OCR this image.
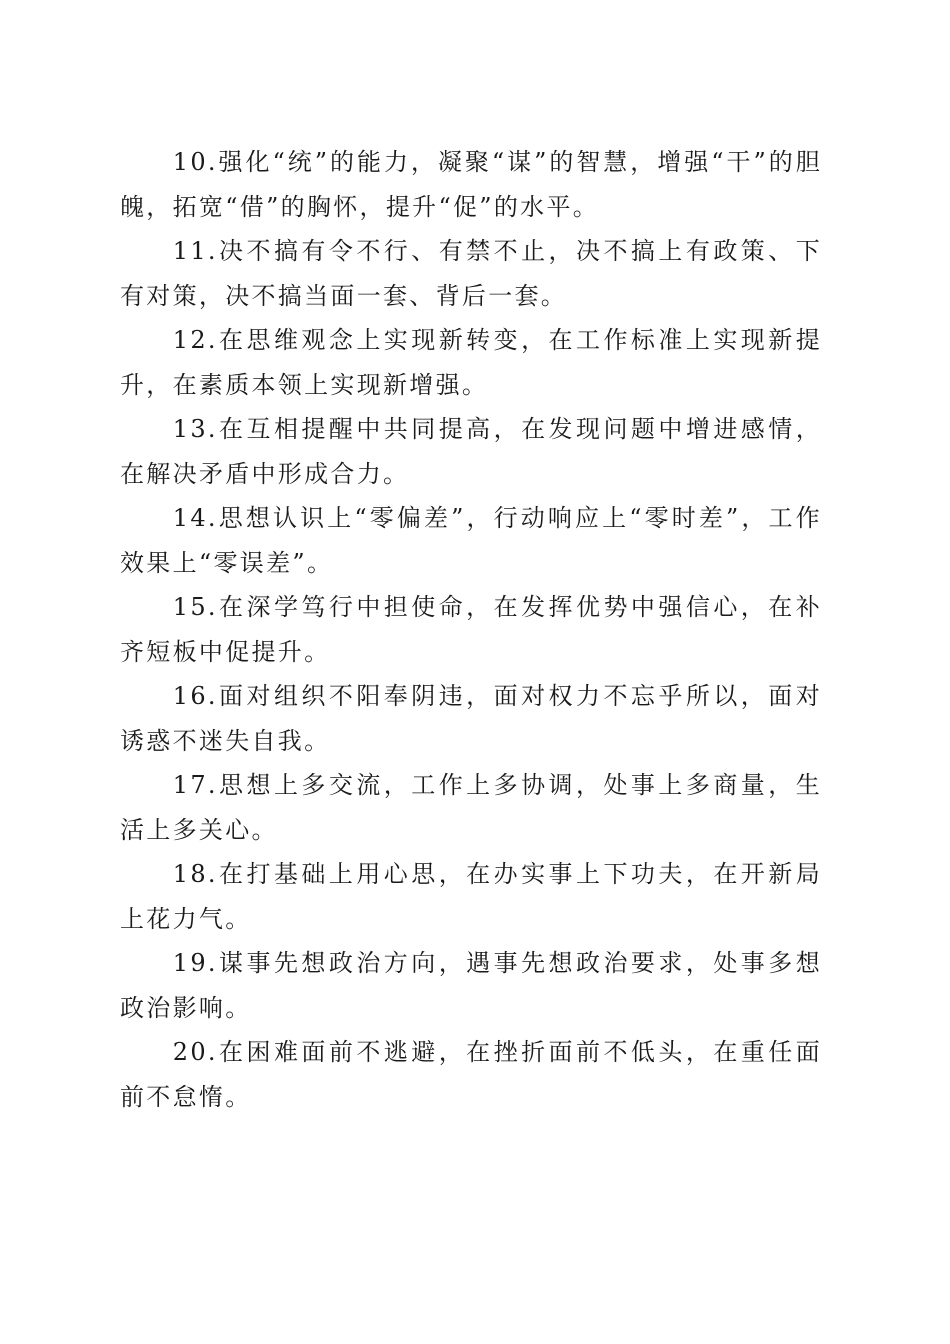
10.强化“统”的能力，凝聚“谋”的智慧，增强“干”的胆魄，拓宽“借”的胸怀，提升“促”的水平。

11.决不搞有令不行、有禁不止，决不搞上有政策、下有对策，决不搞当面一套、背后一套。

12.在思维观念上实现新转变，在工作标准上实现新提升，在素质本领上实现新增强。

13.在互相提醒中共同提高，在发现问题中增进感情，在解决矛盾中形成合力。

14.思想认识上“零偏差”，行动响应上“零时差”，工作效果上“零误差”。

15.在深学笃行中担使命，在发挥优势中强信心，在补齐短板中促提升。

16.面对组织不阳奉阴违，面对权力不忘乎所以，面对诱惑不迷失自我。

17.思想上多交流，工作上多协调，处事上多商量，生活上多关心。

18.在打基础上用心思，在办实事上下功夫，在开新局上花力气。

19.谋事先想政治方向，遇事先想政治要求，处事多想政治影响。

20.在困难面前不逃避，在挫折面前不低头，在重任面前不怠惰。
